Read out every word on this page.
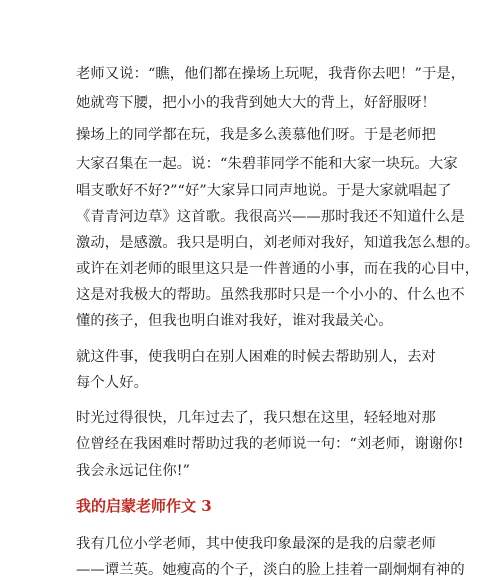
老师又说：“瞧，他们都在操场上玩呢，我背你去吧！”于是，
她就弯下腰，把小小的我背到她大大的背上，好舒服呀！
操场上的同学都在玩，我是多么羡慕他们呀。于是老师把
大家召集在一起。说：“朱碧菲同学不能和大家一块玩。大家
唱支歌好不好?”“好”大家异口同声地说。于是大家就唱起了
《青青河边草》这首歌。我很高兴——那时我还不知道什么是
激动，是感激。我只是明白，刘老师对我好，知道我怎么想的。
或许在刘老师的眼里这只是一件普通的小事，而在我的心目中，
这是对我极大的帮助。虽然我那时只是一个小小的、什么也不
懂的孩子，但我也明白谁对我好，谁对我最关心。
就这件事，使我明白在别人困难的时候去帮助别人，去对
每个人好。
时光过得很快，几年过去了，我只想在这里，轻轻地对那
位曾经在我困难时帮助过我的老师说一句：“刘老师，谢谢你!
我会永远记住你!”
我的启蒙老师作文 3
我有几位小学老师，其中使我印象最深的是我的启蒙老师
——谭兰英。她瘦高的个子，淡白的脸上挂着一副炯炯有神的
